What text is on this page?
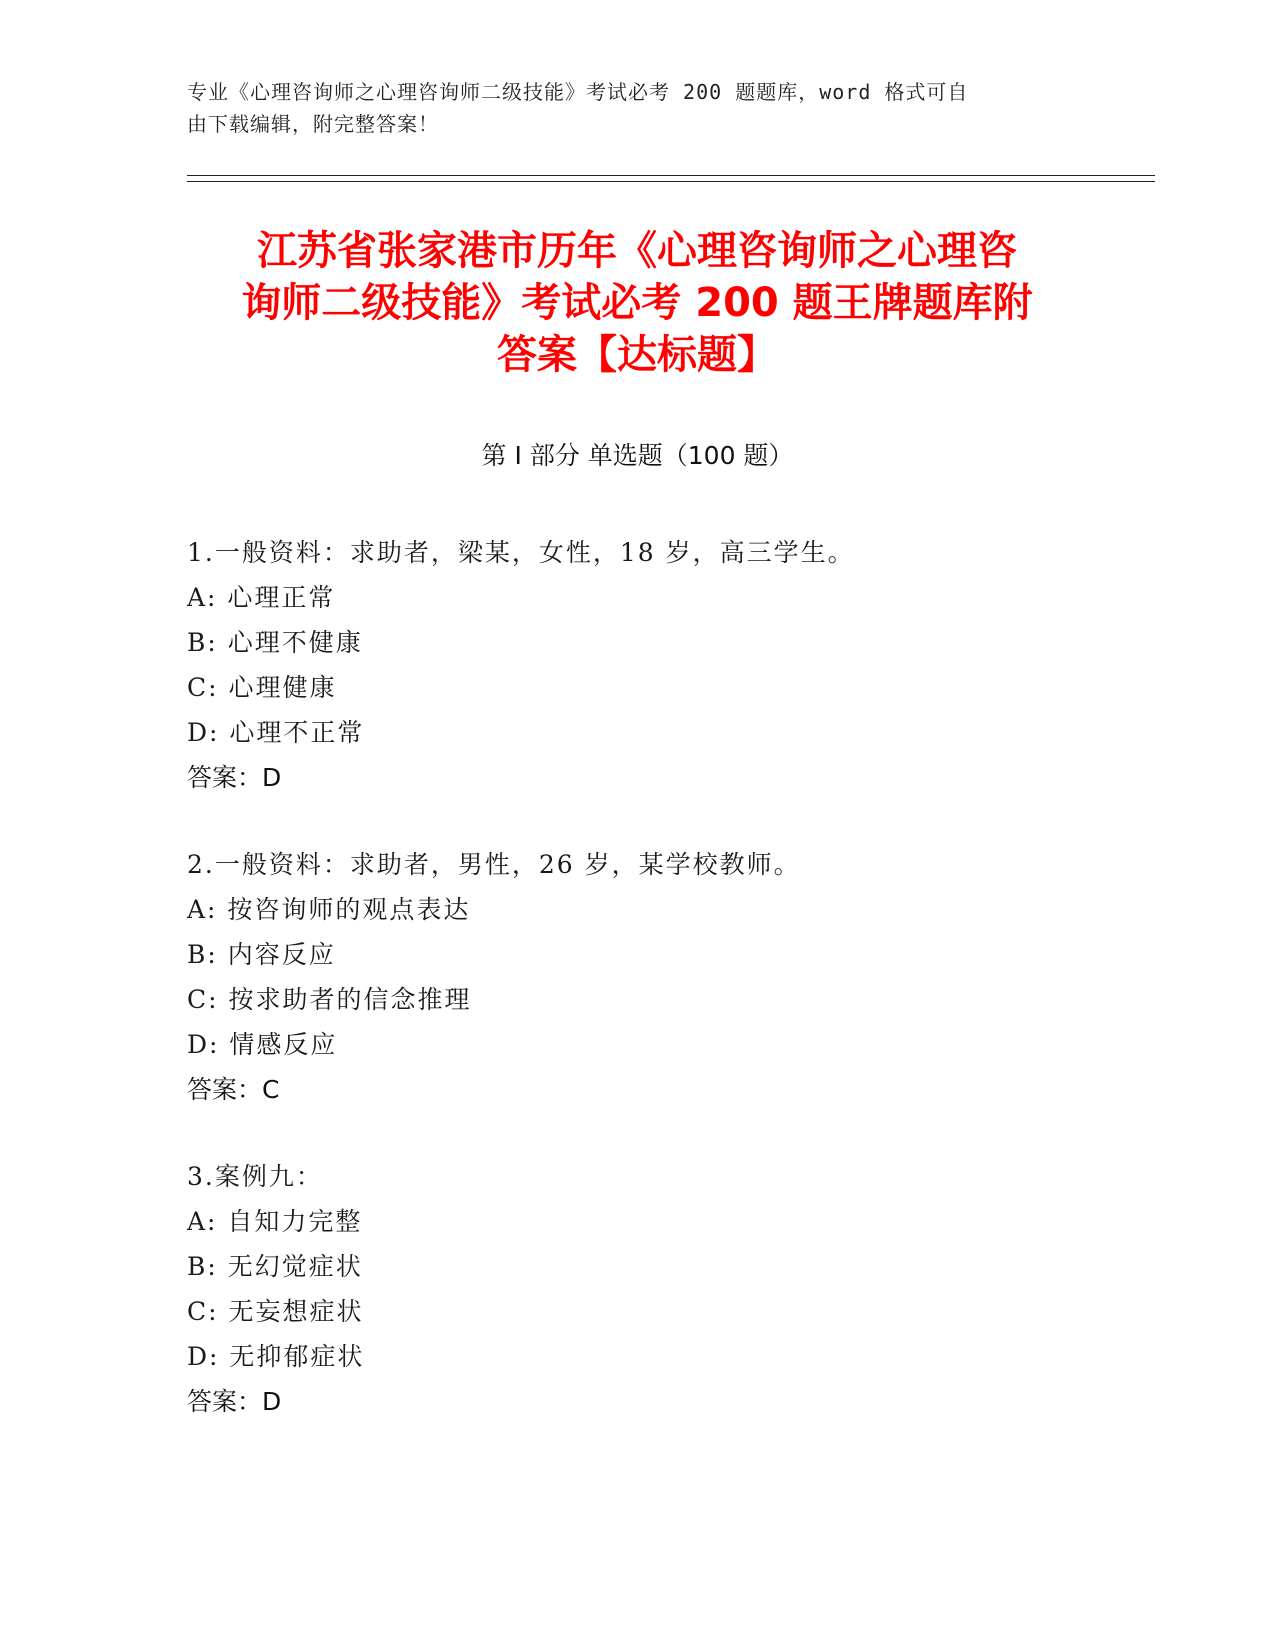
专业《心理咨询师之心理咨询师二级技能》考试必考 200 题题库，word 格式可自
由下载编辑，附完整答案！
江苏省张家港市历年《心理咨询师之心理咨
询师二级技能》考试必考 200 题王牌题库附
答案【达标题】
第 I 部分 单选题（100 题）
1.一般资料：求助者，梁某，女性，18 岁，高三学生。
A: 心理正常
B: 心理不健康
C: 心理健康
D: 心理不正常
答案：D
2.一般资料：求助者，男性，26 岁，某学校教师。
A: 按咨询师的观点表达
B: 内容反应
C: 按求助者的信念推理
D: 情感反应
答案：C
3.案例九：
A: 自知力完整
B: 无幻觉症状
C: 无妄想症状
D: 无抑郁症状
答案：D
